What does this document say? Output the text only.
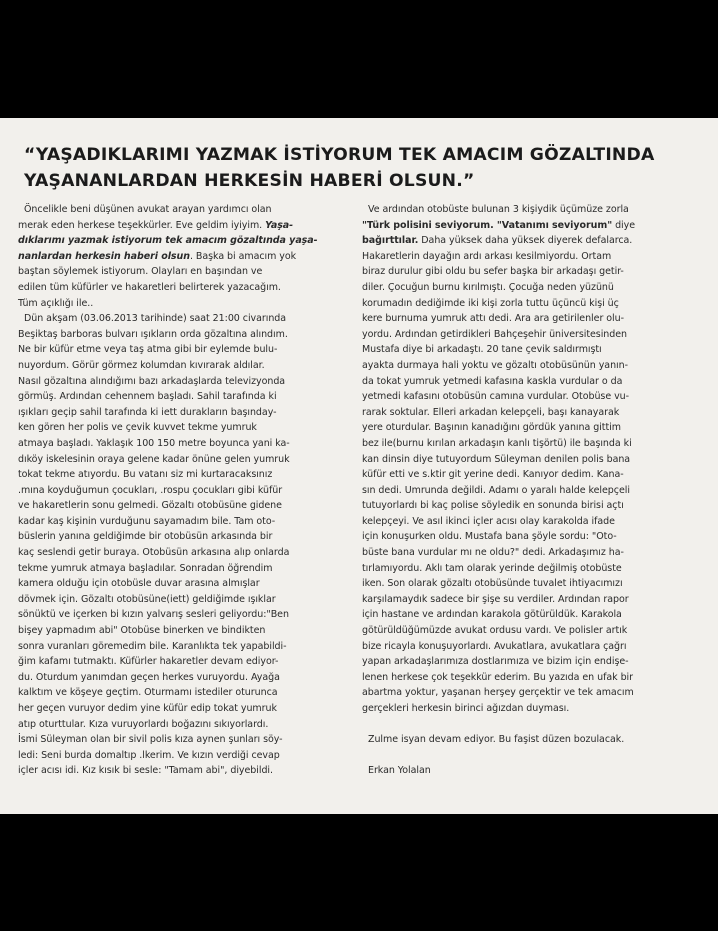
“YAŞADIKLARIMI YAZMAK İSTİYORUM TEK AMACIM GÖZALTINDA
YAŞANANLARDAN HERKESİN HABERİ OLSUN.”

Öncelikle beni düşünen avukat arayan yardımcı olan

merak eden herkese teşekkürler. Eve geldim iyiyim. Yaşa-

dıklarımı yazmak istiyorum tek amacım gözaltında yaşa-

nanlardan herkesin haberi olsun. Başka bi amacım yok

baştan söylemek istiyorum. Olayları en başından ve

edilen tüm küfürler ve hakaretleri belirterek yazacağım.

Tüm açıklığı ile..

Dün akşam (03.06.2013 tarihinde) saat 21:00 civarında

Beşiktaş barboras bulvarı ışıkların orda gözaltına alındım.

Ne bir küfür etme veya taş atma gibi bir eylemde bulu-

nuyordum. Görür görmez kolumdan kıvırarak aldılar.

Nasıl gözaltına alındığımı bazı arkadaşlarda televizyonda

görmüş. Ardından cehennem başladı. Sahil tarafında ki

ışıkları geçip sahil tarafında ki iett durakların başınday-

ken gören her polis ve çevik kuvvet tekme yumruk

atmaya başladı. Yaklaşık 100 150 metre boyunca yani ka-

dıköy iskelesinin oraya gelene kadar önüne gelen yumruk

tokat tekme atıyordu. Bu vatanı siz mi kurtaracaksınız

.mına koyduğumun çocukları, .rospu çocukları gibi küfür

ve hakaretlerin sonu gelmedi. Gözaltı otobüsüne gidene

kadar kaş kişinin vurduğunu sayamadım bile. Tam oto-

büslerin yanına geldiğimde bir otobüsün arkasında bir

kaç seslendi getir buraya. Otobüsün arkasına alıp onlarda

tekme yumruk atmaya başladılar. Sonradan öğrendim

kamera olduğu için otobüsle duvar arasına almışlar

dövmek için. Gözaltı otobüsüne(iett) geldiğimde ışıklar

sönüktü ve içerken bi kızın yalvarış sesleri geliyordu:"Ben

bişey yapmadım abi" Otobüse binerken ve bindikten

sonra vuranları göremedim bile. Karanlıkta tek yapabildi-

ğim kafamı tutmaktı. Küfürler hakaretler devam ediyor-

du. Oturdum yanımdan geçen herkes vuruyordu. Ayağa

kalktım ve köşeye geçtim. Oturmamı istediler oturunca

her geçen vuruyor dedim yine küfür edip tokat yumruk

atıp oturttular. Kıza vuruyorlardı boğazını sıkıyorlardı.

İsmi Süleyman olan bir sivil polis kıza aynen şunları söy-

ledi: Seni burda domaltıp .lkerim. Ve kızın verdiği cevap

içler acısı idi. Kız kısık bi sesle: "Tamam abi", diyebildi.

Ve ardından otobüste bulunan 3 kişiydik üçümüze zorla

"Türk polisini seviyorum. "Vatanımı seviyorum" diye

bağırttılar. Daha yüksek daha yüksek diyerek defalarca.

Hakaretlerin dayağın ardı arkası kesilmiyordu. Ortam

biraz durulur gibi oldu bu sefer başka bir arkadaşı getir-

diler. Çocuğun burnu kırılmıştı. Çocuğa neden yüzünü

korumadın dediğimde iki kişi zorla tuttu üçüncü kişi üç

kere burnuma yumruk attı dedi. Ara ara getirilenler olu-

yordu. Ardından getirdikleri Bahçeşehir üniversitesinden

Mustafa diye bi arkadaştı. 20 tane çevik saldırmıştı

ayakta durmaya hali yoktu ve gözaltı otobüsünün yanın-

da tokat yumruk yetmedi kafasına kaskla vurdular o da

yetmedi kafasını otobüsün camına vurdular. Otobüse vu-

rarak soktular. Elleri arkadan kelepçeli, başı kanayarak

yere oturdular. Başının kanadığını gördük yanına gittim

bez ile(burnu kırılan arkadaşın kanlı tişörtü) ile başında ki

kan dinsin diye tutuyordum Süleyman denilen polis bana

küfür etti ve s.ktir git yerine dedi. Kanıyor dedim. Kana-

sın dedi. Umrunda değildi. Adamı o yaralı halde kelepçeli

tutuyorlardı bi kaç polise söyledik en sonunda birisi açtı

kelepçeyi. Ve asıl ikinci içler acısı olay karakolda ifade

için konuşurken oldu. Mustafa bana şöyle sordu: "Oto-

büste bana vurdular mı ne oldu?" dedi. Arkadaşımız ha-

tırlamıyordu. Aklı tam olarak yerinde değilmiş otobüste

iken. Son olarak gözaltı otobüsünde tuvalet ihtiyacımızı

karşılamaydık sadece bir şişe su verdiler. Ardından rapor

için hastane ve ardından karakola götürüldük. Karakola

götürüldüğümüzde avukat ordusu vardı. Ve polisler artık

bize ricayla konuşuyorlardı. Avukatlara, avukatlara çağrı

yapan arkadaşlarımıza dostlarımıza ve bizim için endişe-

lenen herkese çok teşekkür ederim. Bu yazıda en ufak bir

abartma yoktur, yaşanan herşey gerçektir ve tek amacım

gerçekleri herkesin birinci ağızdan duyması.

Zulme isyan devam ediyor. Bu faşist düzen bozulacak.

Erkan Yolalan
